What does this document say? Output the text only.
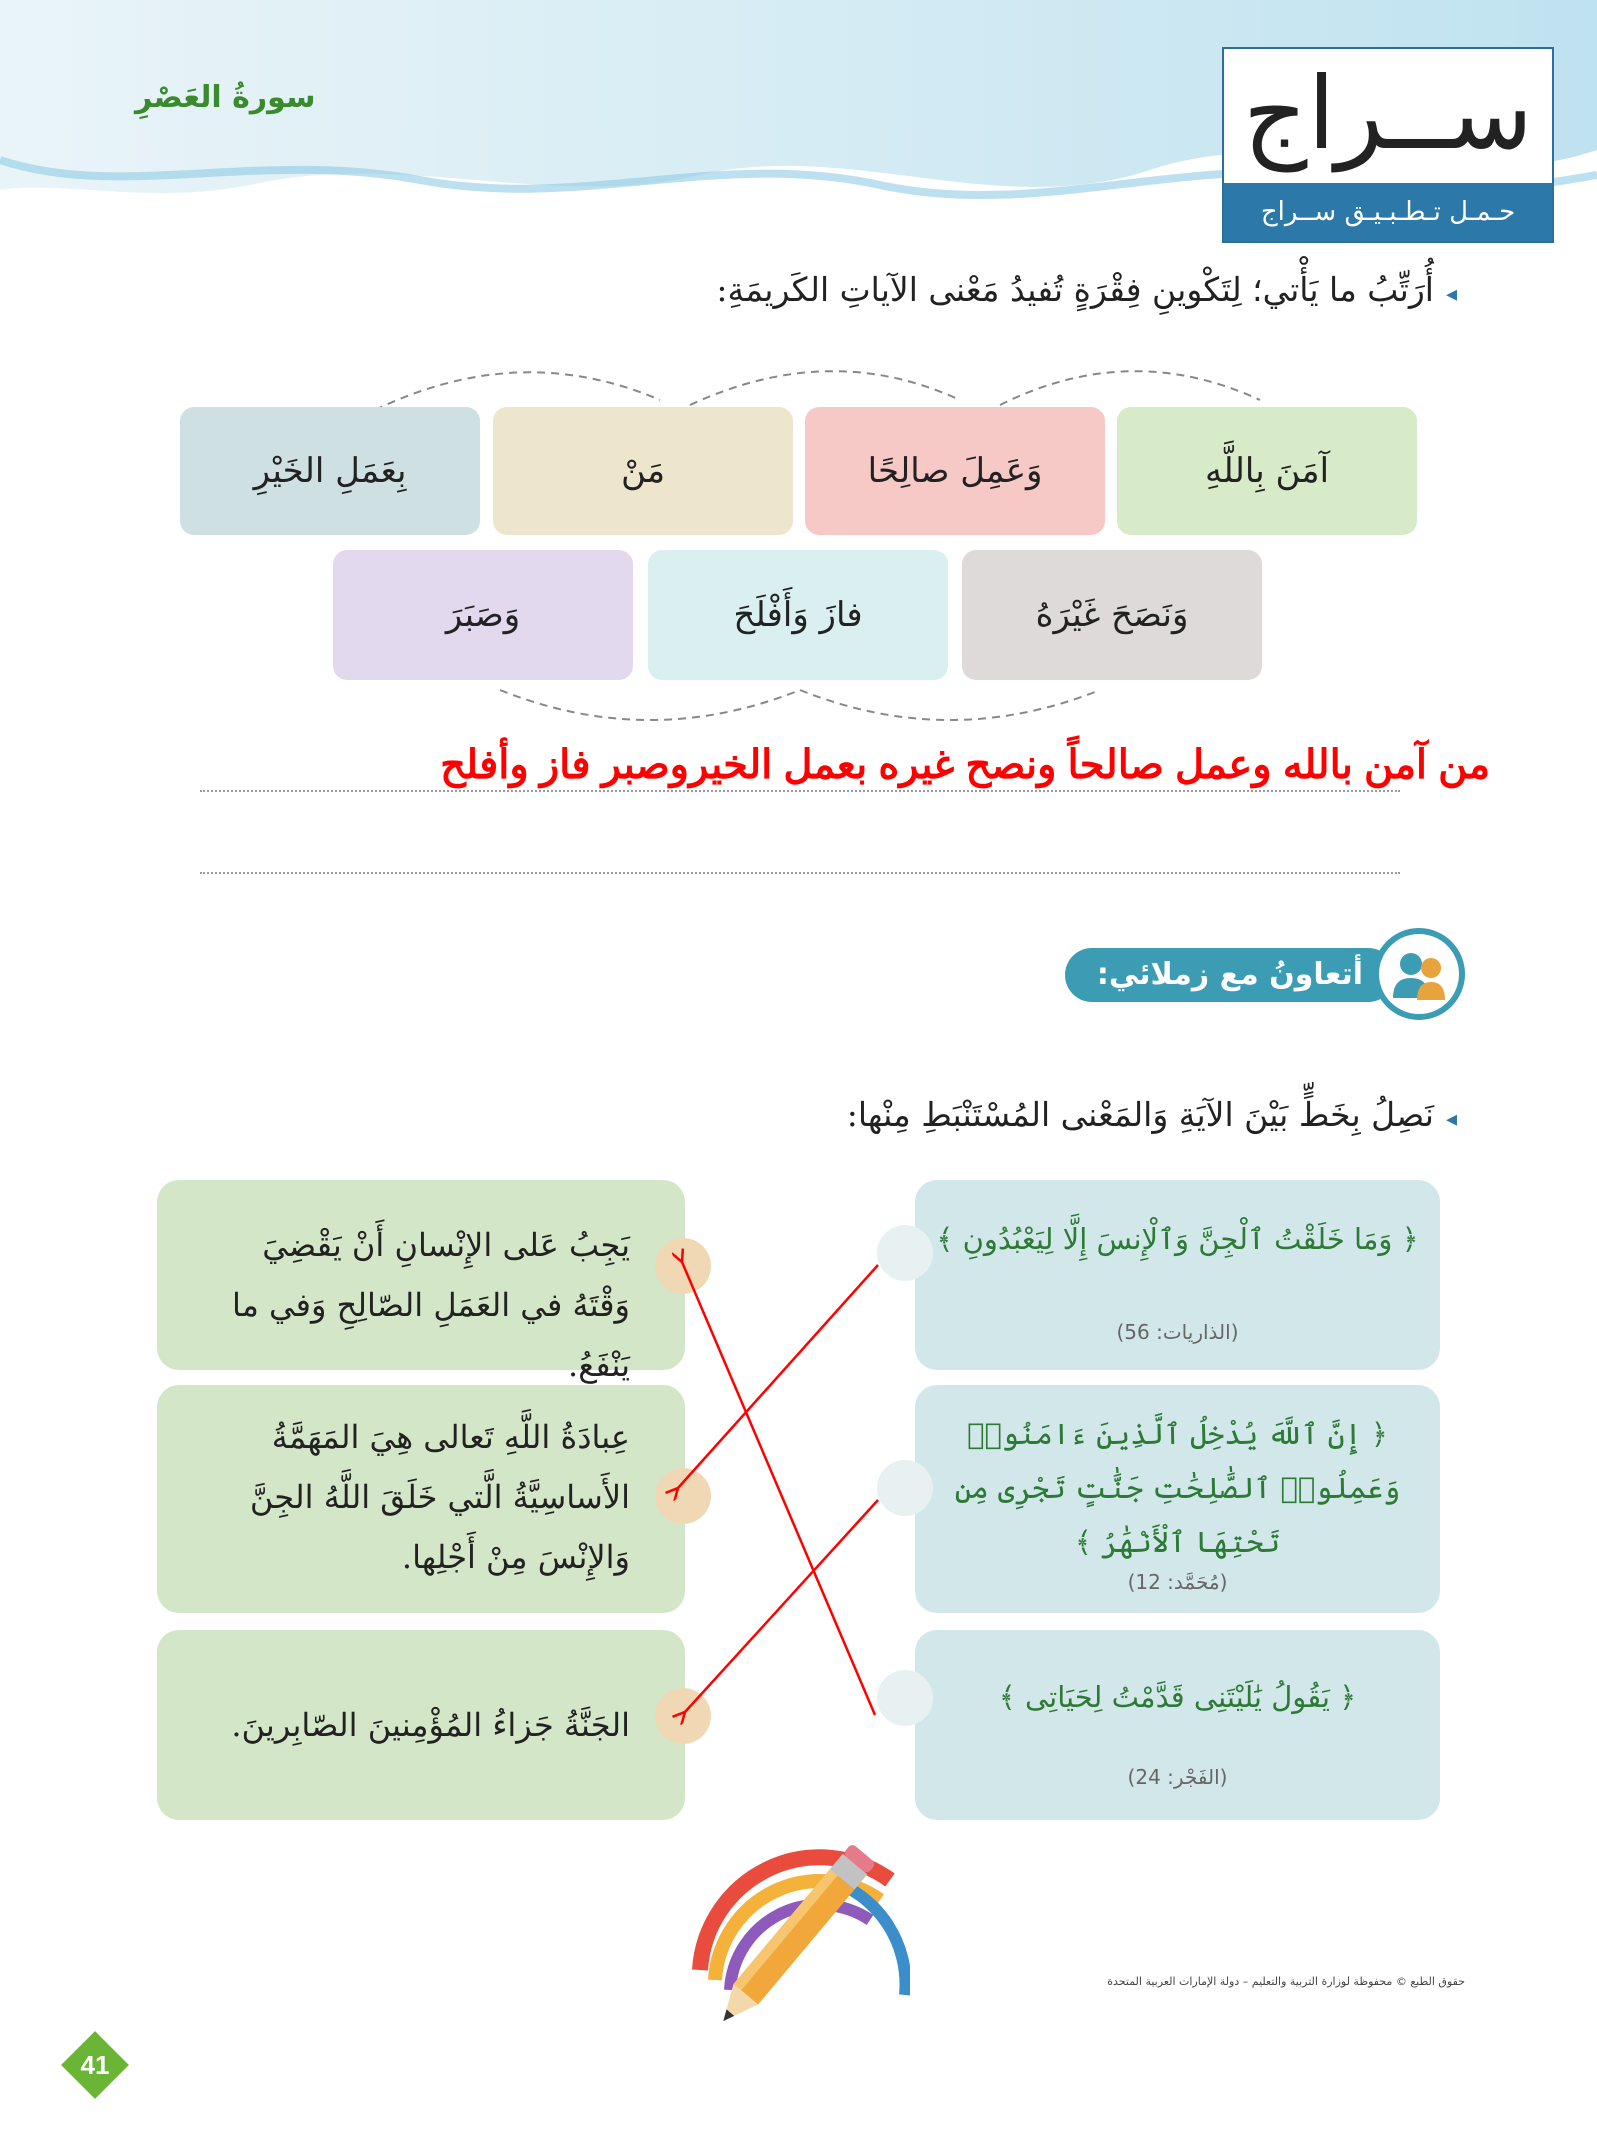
سورةُ العَصْرِ	ســراج
حـمـل تـطـبـيـق ســراج
◂أُرَتِّبُ ما يَأْتي؛ لِتَكْوينِ فِقْرَةٍ تُفيدُ مَعْنى الآياتِ الكَريمَةِ:
آمَنَ بِاللَّهِ
وَعَمِلَ صالِحًا
مَنْ
بِعَمَلِ الخَيْرِ
وَنَصَحَ غَيْرَهُ
فازَ وَأَفْلَحَ
وَصَبَرَ
من آمن بالله وعمل صالحاً ونصح غيره بعمل الخيروصبر فاز وأفلح
أتعاونُ مع زملائي:
◂نَصِلُ بِخَطٍّ بَيْنَ الآيَةِ وَالمَعْنى المُسْتَنْبَطِ مِنْها:
﴿ وَمَا خَلَقْتُ ٱلْجِنَّ وَٱلْإِنسَ إِلَّا لِيَعْبُدُونِ ﴾
(الذاريات: 56)
﴿ إِنَّ ٱللَّهَ يُدْخِلُ ٱلَّذِينَ ءَامَنُوا۟ وَعَمِلُوا۟ ٱلصَّٰلِحَٰتِ جَنَّٰتٍ تَجْرِى مِن تَحْتِهَا ٱلْأَنْهَٰرُ ﴾
(مُحَمَّد: 12)
﴿ يَقُولُ يَٰلَيْتَنِى قَدَّمْتُ لِحَيَاتِى ﴾
(الفَجْر: 24)
يَجِبُ عَلى الإِنْسانِ أَنْ يَقْضِيَ وَقْتَهُ في العَمَلِ الصّالِحِ وَفي ما يَنْفَعُ.
عِبادَةُ اللَّهِ تَعالى هِيَ المَهَمَّةُ الأَساسِيَّةُ الَّتي خَلَقَ اللَّهُ الجِنَّ وَالإِنْسَ مِنْ أَجْلِها.
الجَنَّةُ جَزاءُ المُؤْمِنينَ الصّابِرينَ.
حقوق الطبع © محفوظة لوزارة التربية والتعليم – دولة الإمارات العربية المتحدة
41
